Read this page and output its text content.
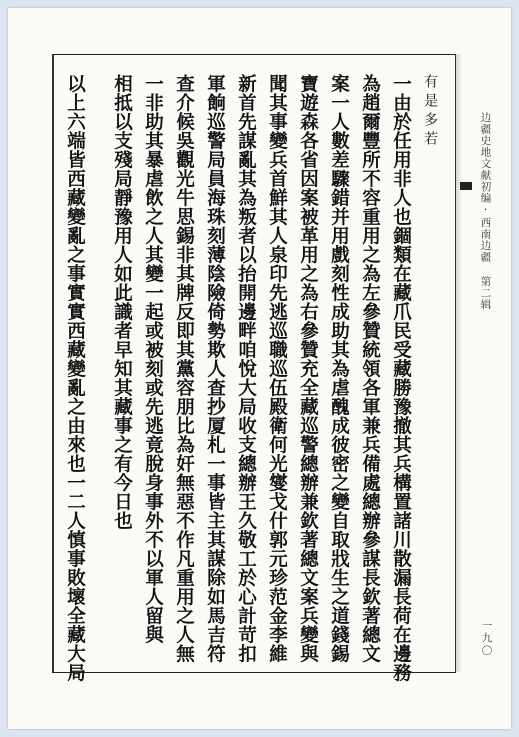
边疆史地文献初编·西南边疆 第二辑
一九〇
有是多若
一由於任用非人也錮類在藏爪民受藏勝豫撤其兵構置諸川散漏長荷在邊務
為趙爾豐所不容重用之為左參贊統領各軍兼兵備處總辦參謀長欽著總文
案一人數差驟錯并用戲刻性成助其為虐醜成彼密之變自取戕生之道錢錫
寶遊森各省因案被革用之為右參贊充全藏巡警總辦兼欽著總文案兵變與
聞其事變兵首鮮其人泉印先逃巡職巡伍殿衛何光燮戈什郭元珍范金李維
新首先謀亂其為叛者以抬開邊畔咱悅大局收支總辦王久敬工於心計苛扣
軍餉巡警局員海珠刻薄陰險倚勢欺人查抄厦札一事皆主其謀除如馬吉符
查介候吳觀光牛思錫非其牌反即其黨容朋比為奸無惡不作凡重用之人無
一非助其暴虐飲之人其變一起或被刻或先逃竟脫身事外不以軍人留與
相抵以支殘局靜豫用人如此識者早知其藏事之有今日也
以上六端皆西藏變亂之事實實西藏變亂之由來也一二人慎事敗壞全藏大局
